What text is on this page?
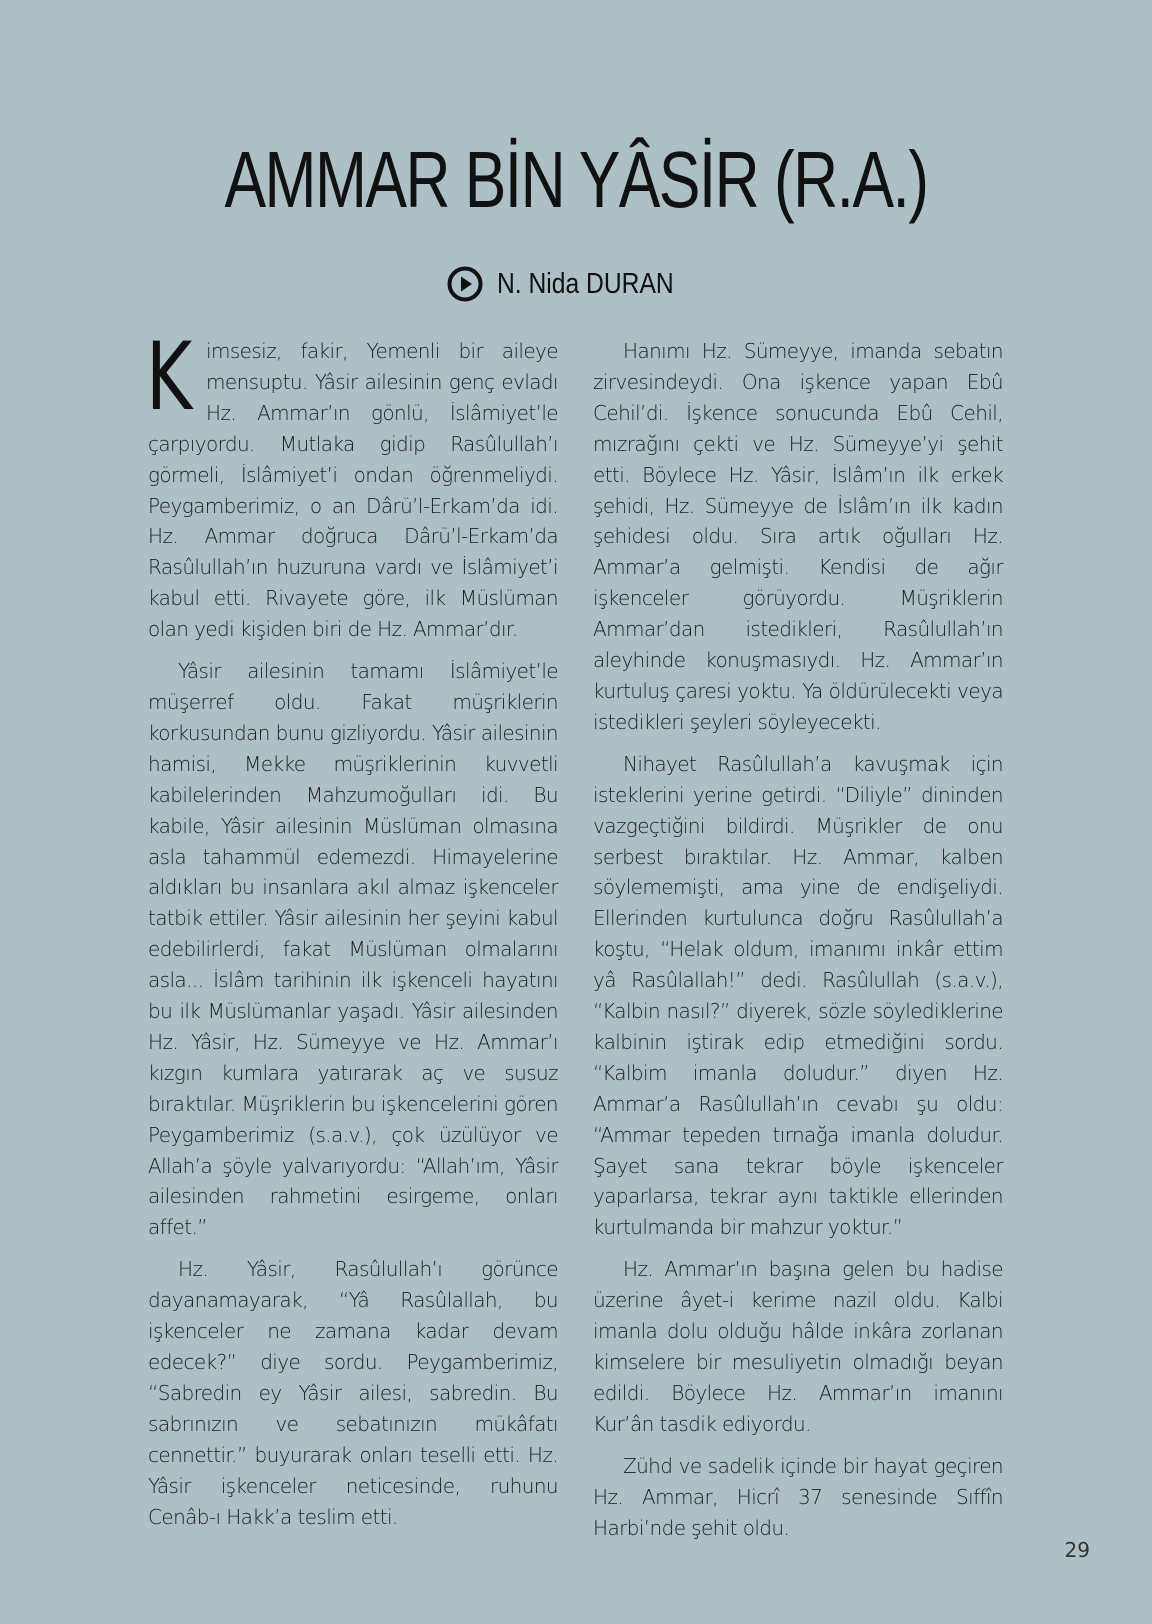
AMMAR BİN YÂSİR (R.A.)
N. Nida DURAN

Kimsesiz, fakir, Yemenli bir aileye mensuptu. Yâsir ailesinin genç evladı Hz. Ammar’ın gönlü, İslâmiyet’le çarpıyordu. Mutlaka gidip Rasûlullah’ı görmeli, İslâmiyet’i ondan öğrenmeliydi. Peygamberimiz, o an Dârü’l-Erkam’da idi. Hz. Ammar doğruca Dârü’l-Erkam’da Rasûlullah’ın huzuruna vardı ve İslâmiyet’i kabul etti. Rivayete göre, ilk Müslüman olan yedi kişiden biri de Hz. Ammar’dır.

Yâsir ailesinin tamamı İslâmiyet’le müşerref oldu. Fakat müşriklerin korkusundan bunu gizliyordu. Yâsir ailesinin hamisi, Mekke müşriklerinin kuvvetli kabilelerinden Mahzumoğulları idi. Bu kabile, Yâsir ailesinin Müslüman olmasına asla tahammül edemezdi. Himayelerine aldıkları bu insanlara akıl almaz işkenceler tatbik ettiler. Yâsir ailesinin her şeyini kabul edebilirlerdi, fakat Müslüman olmalarını asla... İslâm tarihinin ilk işkenceli hayatını bu ilk Müslümanlar yaşadı. Yâsir ailesinden Hz. Yâsir, Hz. Sümeyye ve Hz. Ammar’ı kızgın kumlara yatırarak aç ve susuz bıraktılar. Müşriklerin bu işkencelerini gören Peygamberimiz (s.a.v.), çok üzülüyor ve Allah’a şöyle yalvarıyordu: “Allah’ım, Yâsir ailesinden rahmetini esirgeme, onları affet.”

Hz. Yâsir, Rasûlullah’ı görünce dayanamayarak, “Yâ Rasûlallah, bu işkenceler ne zamana kadar devam edecek?” diye sordu. Peygamberimiz, “Sabredin ey Yâsir ailesi, sabredin. Bu sabrınızın ve sebatınızın mükâfatı cennettir.” buyurarak onları teselli etti. Hz. Yâsir işkenceler neticesinde, ruhunu Cenâb-ı Hakk’a teslim etti.

Hanımı Hz. Sümeyye, imanda sebatın zirvesindeydi. Ona işkence yapan Ebû Cehil’di. İşkence sonucunda Ebû Cehil, mızrağını çekti ve Hz. Sümeyye’yi şehit etti. Böylece Hz. Yâsir, İslâm’ın ilk erkek şehidi, Hz. Sümeyye de İslâm’ın ilk kadın şehidesi oldu. Sıra artık oğulları Hz. Ammar’a gelmişti. Kendisi de ağır işkenceler görüyordu. Müşriklerin Ammar’dan istedikleri, Rasûlullah’ın aleyhinde konuşmasıydı. Hz. Ammar’ın kurtuluş çaresi yoktu. Ya öldürülecekti veya istedikleri şeyleri söyleyecekti.

Nihayet Rasûlullah’a kavuşmak için isteklerini yerine getirdi. “Diliyle” dininden vazgeçtiğini bildirdi. Müşrikler de onu serbest bıraktılar. Hz. Ammar, kalben söylememişti, ama yine de endişeliydi. Ellerinden kurtulunca doğru Rasûlullah’a koştu, “Helak oldum, imanımı inkâr ettim yâ Rasûlallah!” dedi. Rasûlullah (s.a.v.), “Kalbin nasıl?” diyerek, sözle söylediklerine kalbinin iştirak edip etmediğini sordu. “Kalbim imanla doludur.” diyen Hz. Ammar’a Rasûlullah’ın cevabı şu oldu: “Ammar tepeden tırnağa imanla doludur. Şayet sana tekrar böyle işkenceler yaparlarsa, tekrar aynı taktikle ellerinden kurtulmanda bir mahzur yoktur.”

Hz. Ammar’ın başına gelen bu hadise üzerine âyet-i kerime nazil oldu. Kalbi imanla dolu olduğu hâlde inkâra zorlanan kimselere bir mesuliyetin olmadığı beyan edildi. Böylece Hz. Ammar’ın imanını Kur’ân tasdik ediyordu.

Zühd ve sadelik içinde bir hayat geçiren Hz. Ammar, Hicrî 37 senesinde Sıffîn Harbi’nde şehit oldu.

29
